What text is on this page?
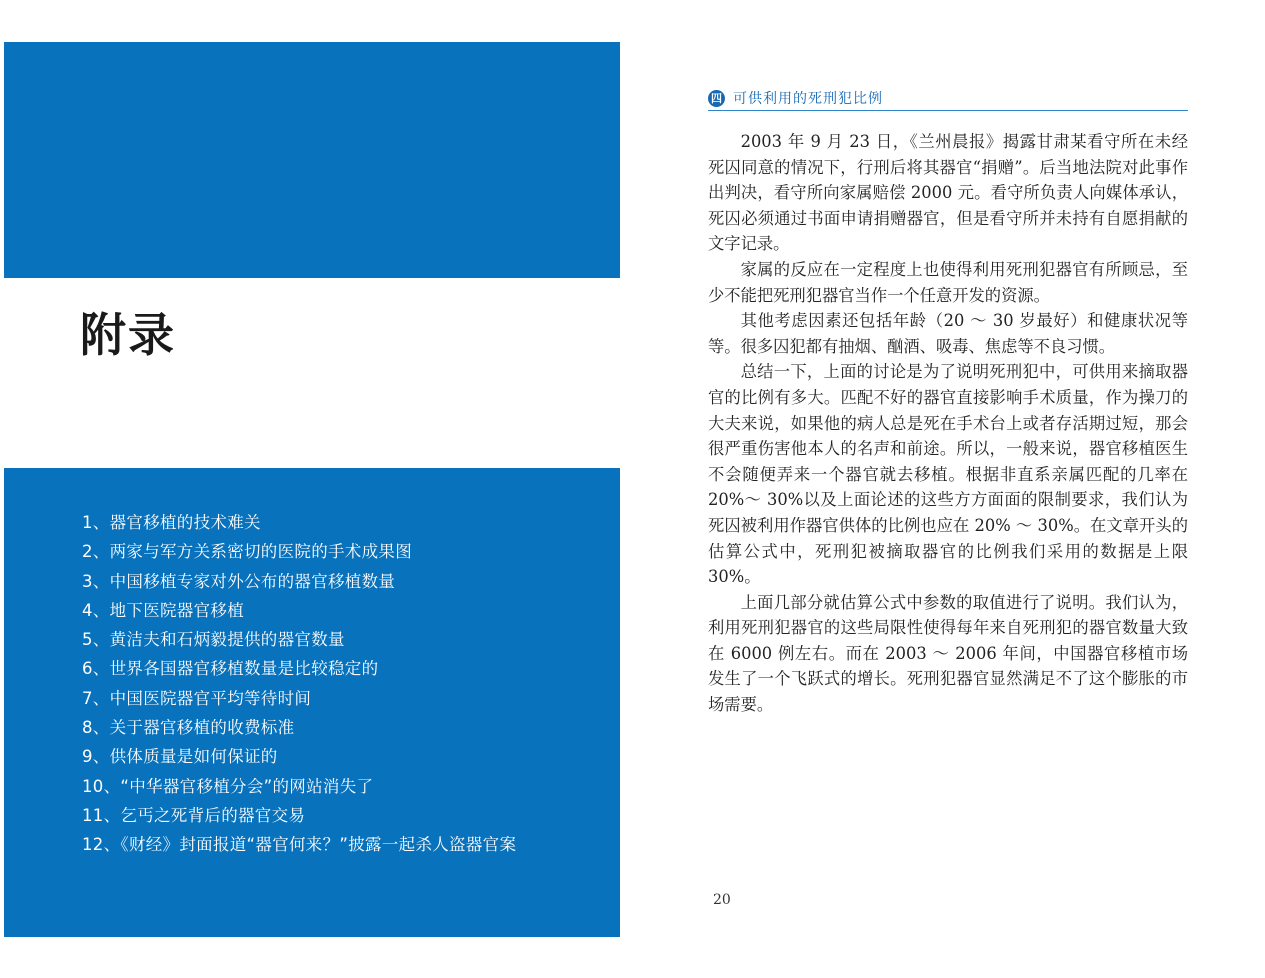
附录
1、器官移植的技术难关
2、两家与军方关系密切的医院的手术成果图
3、中国移植专家对外公布的器官移植数量
4、地下医院器官移植
5、黄洁夫和石炳毅提供的器官数量
6、世界各国器官移植数量是比较稳定的
7、中国医院器官平均等待时间
8、关于器官移植的收费标准
9、供体质量是如何保证的
10、“中华器官移植分会”的网站消失了
11、乞丐之死背后的器官交易
12、《财经》封面报道“器官何来？”披露一起杀人盗器官案
四 可供利用的死刑犯比例

2003 年 9 月 23 日，《兰州晨报》揭露甘肃某看守所在未经死囚同意的情况下，行刑后将其器官“捐赠”。后当地法院对此事作出判决，看守所向家属赔偿 2000 元。看守所负责人向媒体承认，死囚必须通过书面申请捐赠器官，但是看守所并未持有自愿捐献的文字记录。

家属的反应在一定程度上也使得利用死刑犯器官有所顾忌，至少不能把死刑犯器官当作一个任意开发的资源。

其他考虑因素还包括年龄（20 ～ 30 岁最好）和健康状况等等。很多囚犯都有抽烟、酗酒、吸毒、焦虑等不良习惯。

总结一下，上面的讨论是为了说明死刑犯中，可供用来摘取器官的比例有多大。匹配不好的器官直接影响手术质量，作为操刀的大夫来说，如果他的病人总是死在手术台上或者存活期过短，那会很严重伤害他本人的名声和前途。所以，一般来说，器官移植医生不会随便弄来一个器官就去移植。根据非直系亲属匹配的几率在 20%～ 30%以及上面论述的这些方方面面的限制要求，我们认为死囚被利用作器官供体的比例也应在 20% ～ 30%。在文章开头的估算公式中，死刑犯被摘取器官的比例我们采用的数据是上限 30%。

上面几部分就估算公式中参数的取值进行了说明。我们认为，利用死刑犯器官的这些局限性使得每年来自死刑犯的器官数量大致在 6000 例左右。而在 2003 ～ 2006 年间，中国器官移植市场发生了一个飞跃式的增长。死刑犯器官显然满足不了这个膨胀的市场需要。

20
